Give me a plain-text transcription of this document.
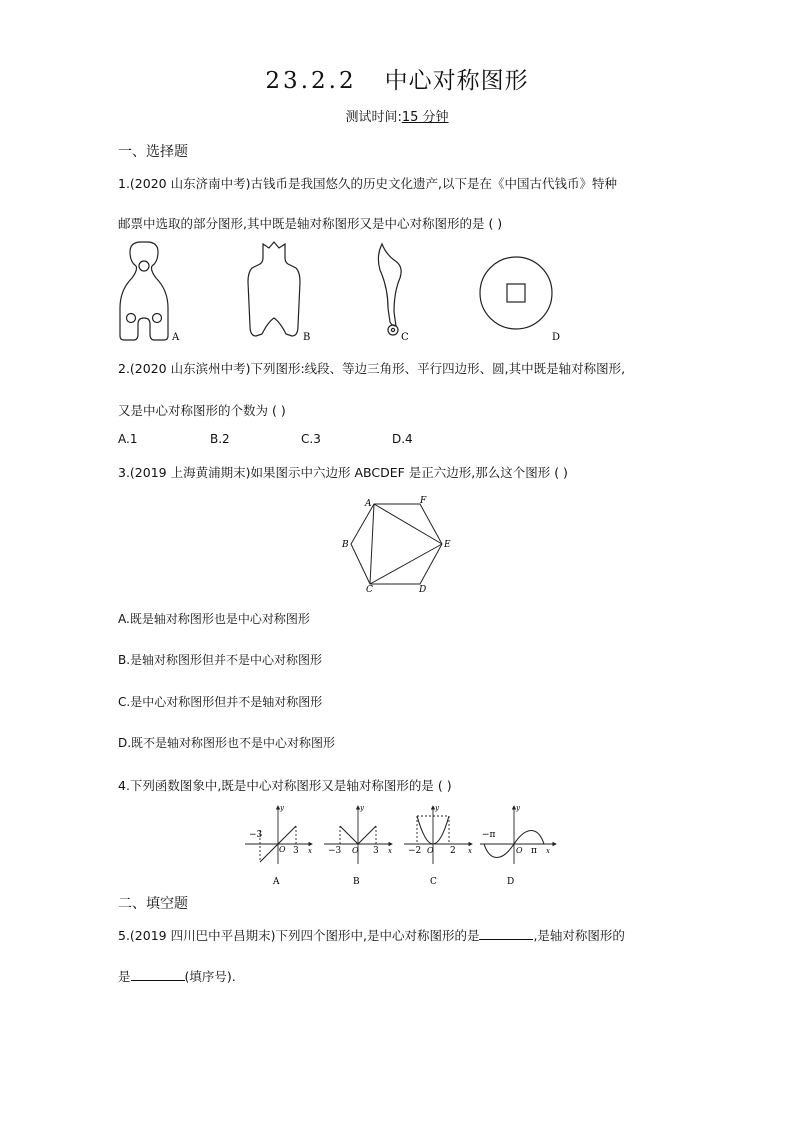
23.2.2 中心对称图形
测试时间:15 分钟
一、选择题
1.(2020 山东济南中考)古钱币是我国悠久的历史文化遗产,以下是在《中国古代钱币》特种
邮票中选取的部分图形,其中既是轴对称图形又是中心对称图形的是 ( )
A	B	C	D
2.(2020 山东滨州中考)下列图形:线段、等边三角形、平行四边形、圆,其中既是轴对称图形,
又是中心对称图形的个数为 ( )
A.1	B.2	C.3	D.4
3.(2019 上海黄浦期末)如果图示中六边形 ABCDEF 是正六边形,那么这个图形 ( )
A
B
C	D
E
F
A.既是轴对称图形也是中心对称图形
B.是轴对称图形但并不是中心对称图形
C.是中心对称图形但并不是轴对称图形
D.既不是轴对称图形也不是中心对称图形
4.下列函数图象中,既是中心对称图形又是轴对称图形的是 ( )
−3
3
O	x
y
A
−3	3
O	x
y
B
−2	2
O	x
y
C
−π
π
O	x
y
D
二、填空题
5.(2019 四川巴中平昌期末)下列四个图形中,是中心对称图形的是	,是轴对称图形的
是	(填序号).
